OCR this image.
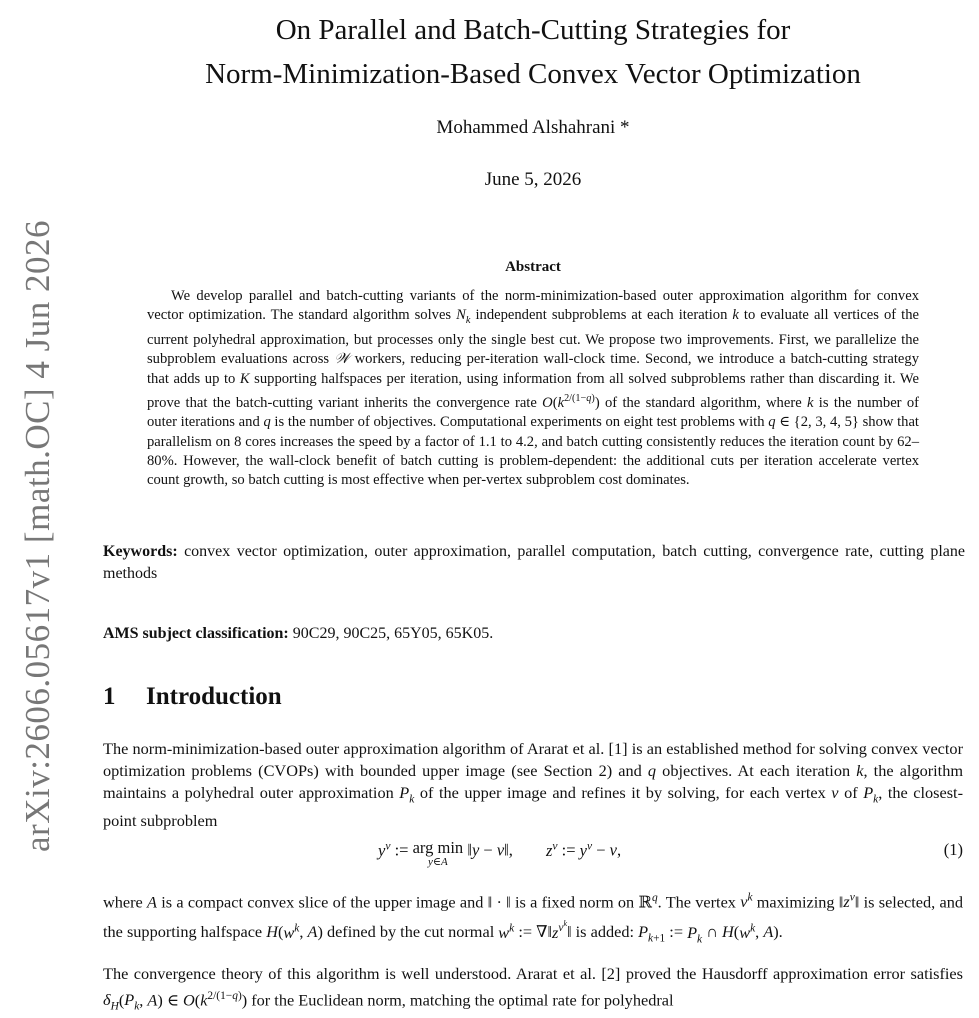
arXiv:2606.05617v1 [math.OC] 4 Jun 2026
On Parallel and Batch-Cutting Strategies for
Norm-Minimization-Based Convex Vector Optimization
Mohammed Alshahrani *
June 5, 2026
Abstract
We develop parallel and batch-cutting variants of the norm-minimization-based outer approximation algorithm for convex vector optimization. The standard algorithm solves $N_k$ independent subproblems at each iteration k to evaluate all vertices of the current polyhedral approximation, but processes only the single best cut. We propose two improvements. First, we parallelize the subproblem evaluations across 𝒲 workers, reducing per-iteration wall-clock time. Second, we introduce a batch-cutting strategy that adds up to K supporting halfspaces per iteration, using information from all solved subproblems rather than discarding it. We prove that the batch-cutting variant inherits the convergence rate $O(k^{2/(1-q)})$ of the standard algorithm, where k is the number of outer iterations and q is the number of objectives. Computational experiments on eight test problems with q ∈ {2, 3, 4, 5} show that parallelism on 8 cores increases the speed by a factor of 1.1 to 4.2, and batch cutting consistently reduces the iteration count by 62–80%. However, the wall-clock benefit of batch cutting is problem-dependent: the additional cuts per iteration accelerate vertex count growth, so batch cutting is most effective when per-vertex subproblem cost dominates.
Keywords: convex vector optimization, outer approximation, parallel computation, batch cutting, convergence rate, cutting plane methods
AMS subject classification: 90C29, 90C25, 65Y05, 65K05.
1 Introduction
The norm-minimization-based outer approximation algorithm of Ararat et al. [1] is an established method for solving convex vector optimization problems (CVOPs) with bounded upper image (see Section 2) and q objectives. At each iteration k, the algorithm maintains a polyhedral outer approximation $P_k$ of the upper image and refines it by solving, for each vertex v of $P_k$, the closest-point subproblem
$y^v$ := arg min
y∈A
‖y − v‖,        $z^v$ := $y^v - v$,	(1)
where A is a compact convex slice of the upper image and ‖ · ‖ is a fixed norm on ℝ$^q$. The vertex $v^k$ maximizing $‖z^v‖$ is selected, and the supporting halfspace $H(w^k$, A) defined by the cut normal $w^k$ := $\nabla‖z^{v^k}‖$ is added: $P_{k+1}$ := $P_k$ ∩ $H(w^k$, A).
The convergence theory of this algorithm is well understood. Ararat et al. [2] proved the Hausdorff approximation error satisfies $\delta_H(P_k$, A) ∈ $O(k^{2/(1-q)})$ for the Euclidean norm, matching the optimal rate for polyhedral
